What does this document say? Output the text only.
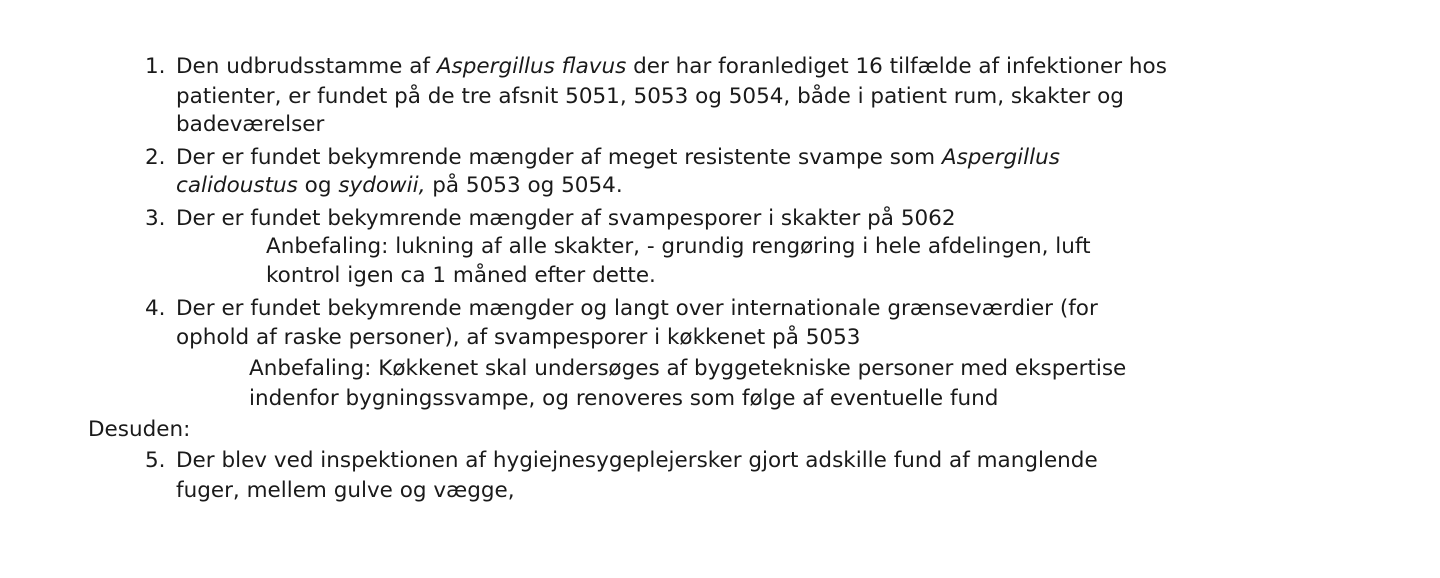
1. Den udbrudsstamme af Aspergillus flavus der har foranlediget 16 tilfælde af infektioner hos
patienter, er fundet på de tre afsnit 5051, 5053 og 5054, både i patient rum, skakter og
badeværelser
2. Der er fundet bekymrende mængder af meget resistente svampe som Aspergillus
calidoustus og sydowii, på 5053 og 5054.
3. Der er fundet bekymrende mængder af svampesporer i skakter på 5062
Anbefaling: lukning af alle skakter, - grundig rengøring i hele afdelingen, luft
kontrol igen ca 1 måned efter dette.
4. Der er fundet bekymrende mængder og langt over internationale grænseværdier (for
ophold af raske personer), af svampesporer i køkkenet på 5053
Anbefaling: Køkkenet skal undersøges af byggetekniske personer med ekspertise
indenfor bygningssvampe, og renoveres som følge af eventuelle fund
Desuden:
5. Der blev ved inspektionen af hygiejnesygeplejersker gjort adskille fund af manglende
fuger, mellem gulve og vægge,
